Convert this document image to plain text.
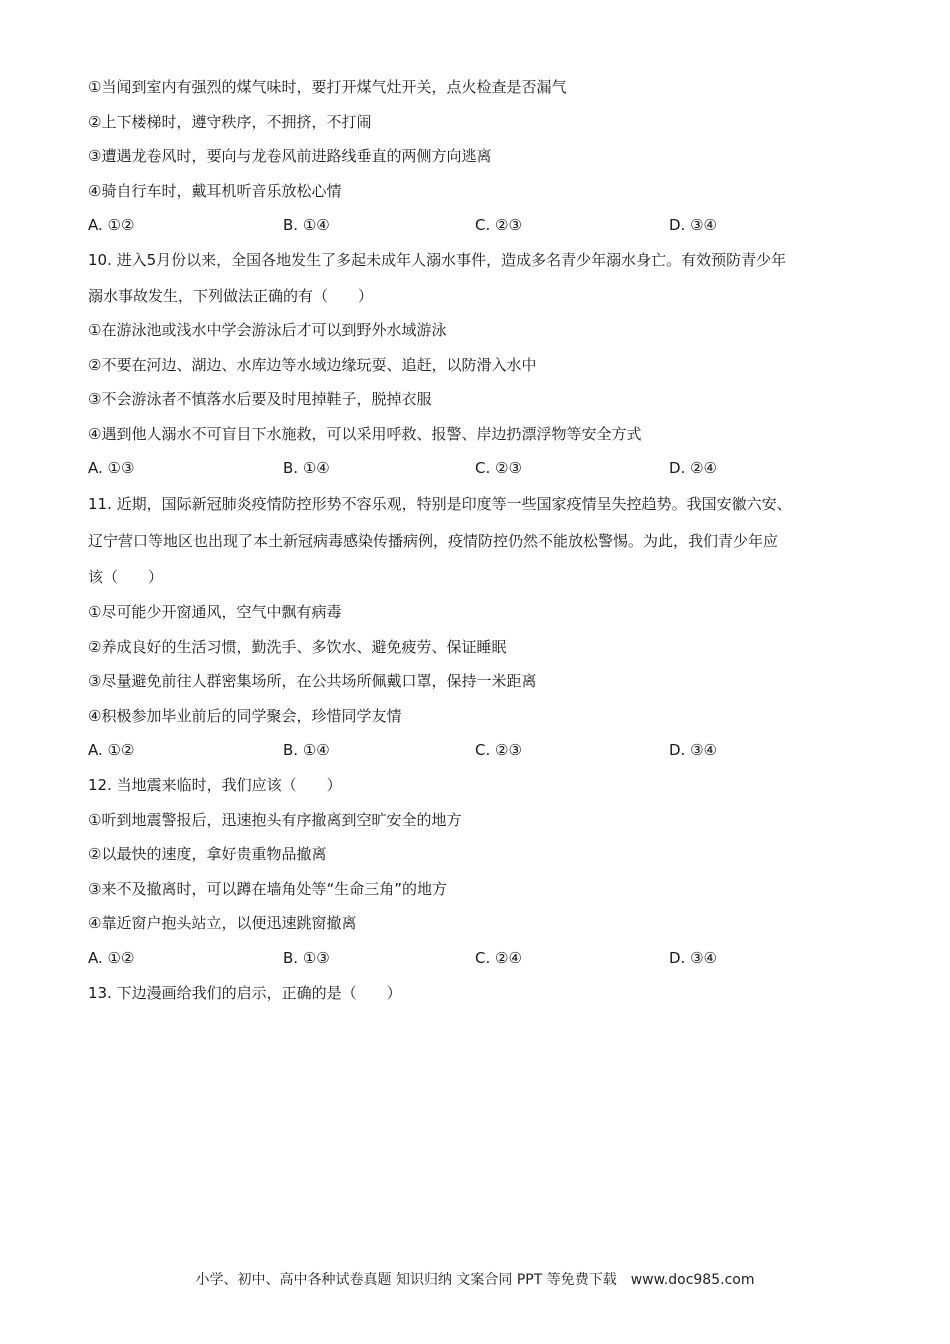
①当闻到室内有强烈的煤气味时，要打开煤气灶开关，点火检查是否漏气
②上下楼梯时，遵守秩序，不拥挤，不打闹
③遭遇龙卷风时，要向与龙卷风前进路线垂直的两侧方向逃离
④骑自行车时，戴耳机听音乐放松心情
A. ①②	B. ①④	C. ②③	D. ③④
10. 进入5月份以来，全国各地发生了多起未成年人溺水事件，造成多名青少年溺水身亡。有效预防青少年
溺水事故发生，下列做法正确的有（　　）
①在游泳池或浅水中学会游泳后才可以到野外水域游泳
②不要在河边、湖边、水库边等水域边缘玩耍、追赶，以防滑入水中
③不会游泳者不慎落水后要及时甩掉鞋子，脱掉衣服
④遇到他人溺水不可盲目下水施救，可以采用呼救、报警、岸边扔漂浮物等安全方式
A. ①③	B. ①④	C. ②③	D. ②④
11. 近期，国际新冠肺炎疫情防控形势不容乐观，特别是印度等一些国家疫情呈失控趋势。我国安徽六安、
辽宁营口等地区也出现了本土新冠病毒感染传播病例，疫情防控仍然不能放松警惕。为此，我们青少年应
该（　　）
①尽可能少开窗通风，空气中飘有病毒
②养成良好的生活习惯，勤洗手、多饮水、避免疲劳、保证睡眠
③尽量避免前往人群密集场所，在公共场所佩戴口罩，保持一米距离
④积极参加毕业前后的同学聚会，珍惜同学友情
A. ①②	B. ①④	C. ②③	D. ③④
12. 当地震来临时，我们应该（　　）
①听到地震警报后，迅速抱头有序撤离到空旷安全的地方
②以最快的速度，拿好贵重物品撤离
③来不及撤离时，可以蹲在墙角处等“生命三角”的地方
④靠近窗户抱头站立，以便迅速跳窗撤离
A. ①②	B. ①③	C. ②④	D. ③④
13. 下边漫画给我们的启示，正确的是（　　）
小学、初中、高中各种试卷真题 知识归纳 文案合同 PPT 等免费下载　www.doc985.com
